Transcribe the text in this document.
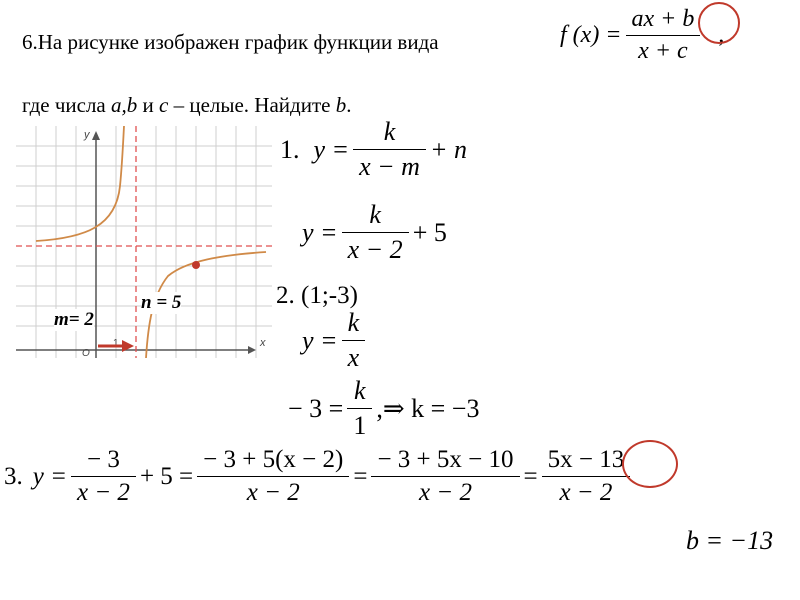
6. На рисунке изображен график функции вида	f $(x) = \frac{ax + b}{x + c}$ ,
где числа a,b и c – целые. Найдите b.
y
x
O
1
m= 2
n = 5
1. $y = \frac{k}{x - m} + n$
$y = \frac{k}{x - 2} + 5$
2. (1;-3)
$y = \frac{k}{x}$
− $3 = \frac{k}{1}$ ,⇒ k = −3
3. $y = \frac{- 3}{x - 2} + 5 = \frac{- 3 + 5(x - 2)}{x - 2} = \frac{- 3 + 5x - 10}{x - 2} = \frac{5x - 13}{x - 2}$
b = −13
